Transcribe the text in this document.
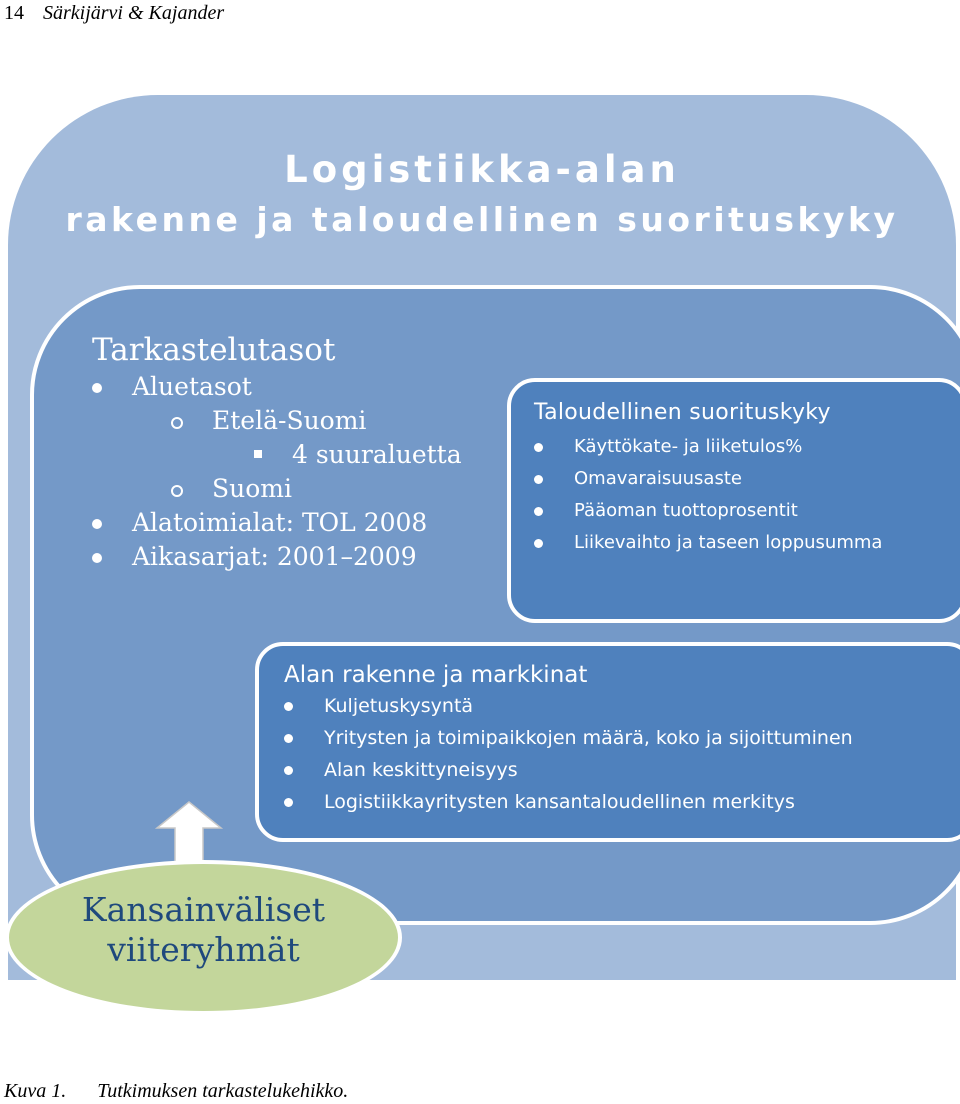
14 Särkijärvi & Kajander
Logistiikka-alan
rakenne ja taloudellinen suorituskyky
Tarkastelutasot
Aluetasot
Etelä-Suomi
4 suuraluetta
Suomi
Alatoimialat: TOL 2008
Aikasarjat: 2001–2009
Taloudellinen suorituskyky
Käyttökate- ja liiketulos%
Omavaraisuusaste
Pääoman tuottoprosentit
Liikevaihto ja taseen loppusumma
Alan rakenne ja markkinat
Kuljetuskysyntä
Yritysten ja toimipaikkojen määrä, koko ja sijoittuminen
Alan keskittyneisyys
Logistiikkayritysten kansantaloudellinen merkitys
Kansainväliset
viiteryhmät
Kuva 1. Tutkimuksen tarkastelukehikko.
